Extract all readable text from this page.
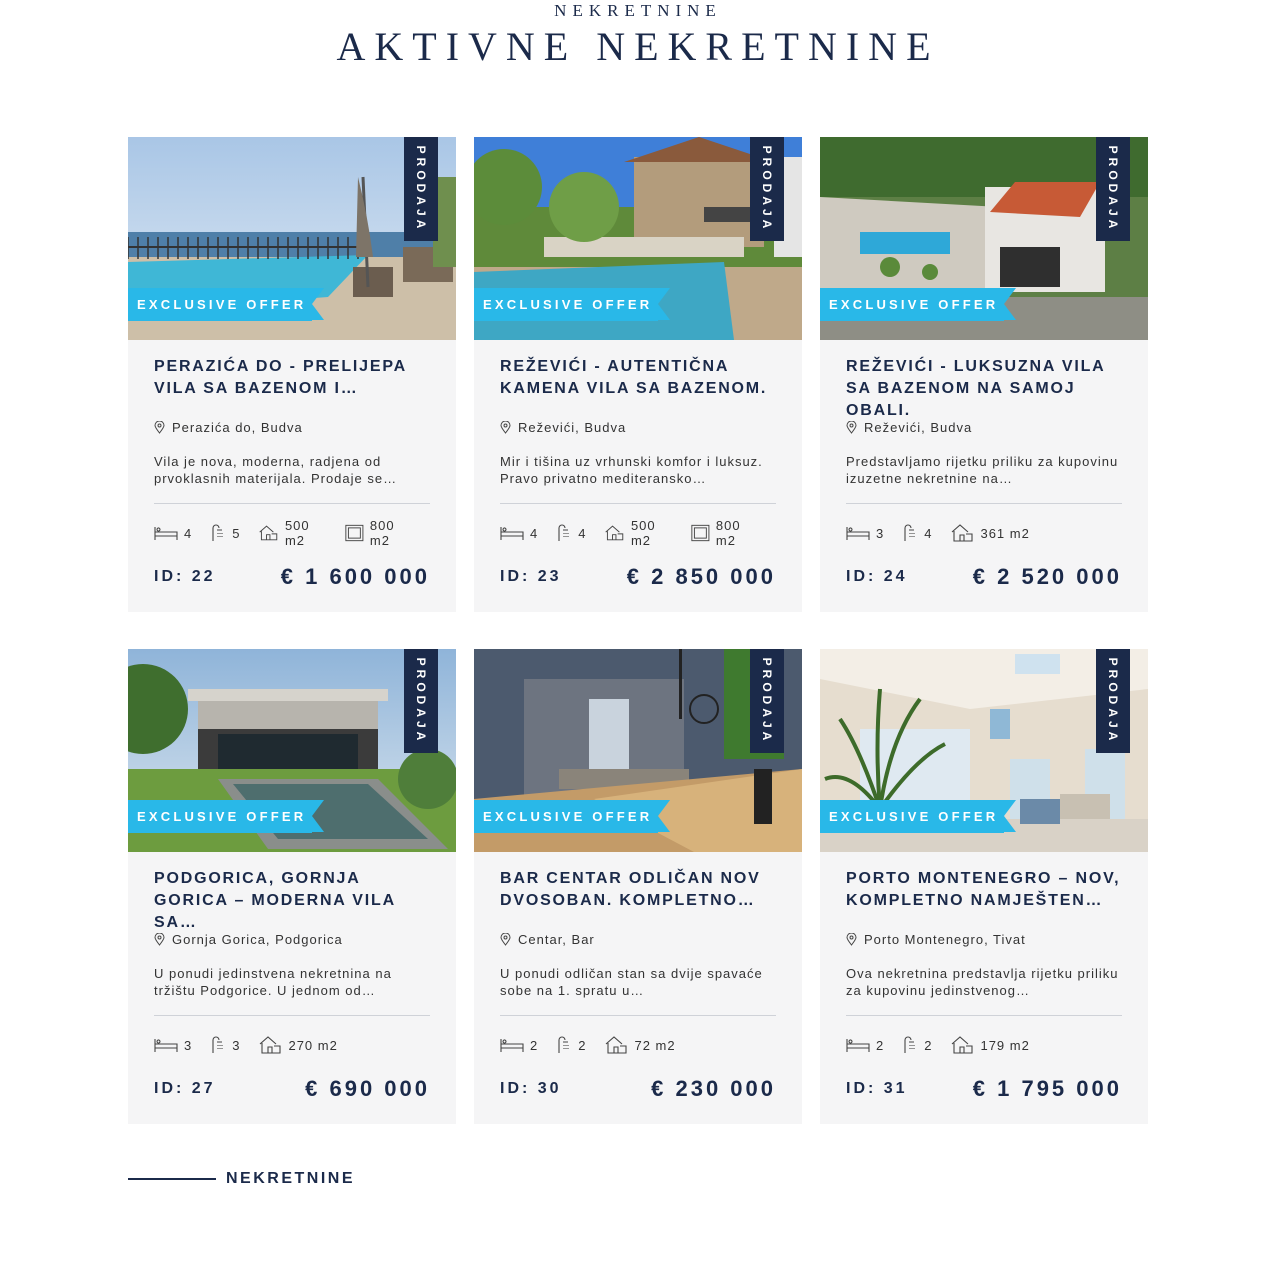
NEKRETNINE
AKTIVNE NEKRETNINE
PRODAJA
EXCLUSIVE OFFER
PERAZIĆA DO - PRELIJEPA VILA SA BAZENOM I…
Perazića do, Budva
Vila je nova, moderna, radjena od prvoklasnih materijala. Prodaje se…
4	5	500 m2
800 m2
ID: 22	€ 1 600 000
PRODAJA
EXCLUSIVE OFFER
REŽEVIĆI - AUTENTIČNA KAMENA VILA SA BAZENOM.
Reževići, Budva
Mir i tišina uz vrhunski komfor i luksuz. Pravo privatno mediteransko…
4	4	500 m2
800 m2
ID: 23	€ 2 850 000
PRODAJA
EXCLUSIVE OFFER
REŽEVIĆI - LUKSUZNA VILA SA BAZENOM NA SAMOJ OBALI.
Reževići, Budva
Predstavljamo rijetku priliku za kupovinu izuzetne nekretnine na…
3	4	361 m2
ID: 24	€ 2 520 000
PRODAJA
EXCLUSIVE OFFER
PODGORICA, GORNJA GORICA – MODERNA VILA SA…
Gornja Gorica, Podgorica
U ponudi jedinstvena nekretnina na tržištu Podgorice. U jednom od…
3	3	270 m2
ID: 27	€ 690 000
PRODAJA
EXCLUSIVE OFFER
BAR CENTAR ODLIČAN NOV DVOSOBAN. KOMPLETNO…
Centar, Bar
U ponudi odličan stan sa dvije spavaće sobe na 1. spratu u…
2	2	72 m2
ID: 30	€ 230 000
PRODAJA
EXCLUSIVE OFFER
PORTO MONTENEGRO – NOV, KOMPLETNO NAMJEŠTEN…
Porto Montenegro, Tivat
Ova nekretnina predstavlja rijetku priliku za kupovinu jedinstvenog…
2	2	179 m2
ID: 31	€ 1 795 000
NEKRETNINE
